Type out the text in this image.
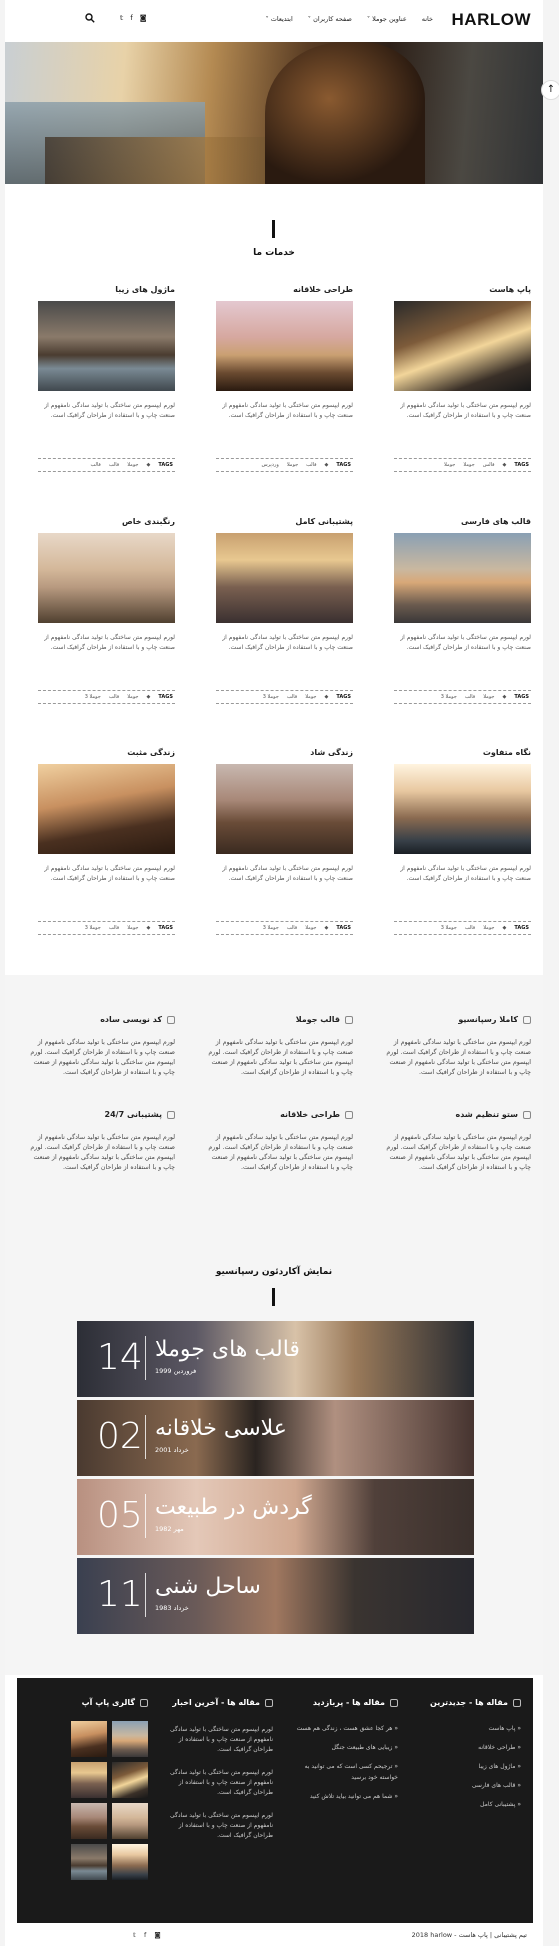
HARLOW
خانه
عناوین جوملا ˅
صفحه کاربران ˅
ابتدیعات ˅
𝕥 f ◙
خدمات ما
پاپ هاست
لورم ایپسوم متن ساختگی با تولید سادگی نامفهوم از صنعت چاپ و با استفاده از طراحان گرافیک است.
جوملا جوملا فالس ◆ TAGS
طراحی خلاقانه
لورم ایپسوم متن ساختگی با تولید سادگی نامفهوم از صنعت چاپ و با استفاده از طراحان گرافیک است.
وردپرس جوملا فالب ◆ TAGS
ماژول های زیبا
لورم ایپسوم متن ساختگی با تولید سادگی نامفهوم از صنعت چاپ و با استفاده از طراحان گرافیک است.
فالب فالب جوملا ◆ TAGS
قالب های فارسی
لورم ایپسوم متن ساختگی با تولید سادگی نامفهوم از صنعت چاپ و با استفاده از طراحان گرافیک است.
جوملا 3 فالب جوملا ◆ TAGS
پشتیبانی کامل
لورم ایپسوم متن ساختگی با تولید سادگی نامفهوم از صنعت چاپ و با استفاده از طراحان گرافیک است.
جوملا 3 فالب جوملا ◆ TAGS
رنگبندی خاص
لورم ایپسوم متن ساختگی با تولید سادگی نامفهوم از صنعت چاپ و با استفاده از طراحان گرافیک است.
جوملا 3 فالب جوملا ◆ TAGS
نگاه متفاوت
لورم ایپسوم متن ساختگی با تولید سادگی نامفهوم از صنعت چاپ و با استفاده از طراحان گرافیک است.
جوملا 3 فالب جوملا ◆ TAGS
زندگی شاد
لورم ایپسوم متن ساختگی با تولید سادگی نامفهوم از صنعت چاپ و با استفاده از طراحان گرافیک است.
جوملا 3 فالب جوملا ◆ TAGS
زندگی مثبت
لورم ایپسوم متن ساختگی با تولید سادگی نامفهوم از صنعت چاپ و با استفاده از طراحان گرافیک است.
جوملا 3 فالب جوملا ◆ TAGS
کاملا رسپانسیو
لورم ایپسوم متن ساختگی با تولید سادگی نامفهوم از صنعت چاپ و با استفاده از طراحان گرافیک است. لورم ایپسوم متن ساختگی با تولید سادگی نامفهوم از صنعت چاپ و با استفاده از طراحان گرافیک است.
قالب جوملا
لورم ایپسوم متن ساختگی با تولید سادگی نامفهوم از صنعت چاپ و با استفاده از طراحان گرافیک است. لورم ایپسوم متن ساختگی با تولید سادگی نامفهوم از صنعت چاپ و با استفاده از طراحان گرافیک است.
کد نویسی ساده
لورم ایپسوم متن ساختگی با تولید سادگی نامفهوم از صنعت چاپ و با استفاده از طراحان گرافیک است. لورم ایپسوم متن ساختگی با تولید سادگی نامفهوم از صنعت چاپ و با استفاده از طراحان گرافیک است.
ستو تنظیم شده
لورم ایپسوم متن ساختگی با تولید سادگی نامفهوم از صنعت چاپ و با استفاده از طراحان گرافیک است. لورم ایپسوم متن ساختگی با تولید سادگی نامفهوم از صنعت چاپ و با استفاده از طراحان گرافیک است.
طراحی خلاقانه
لورم ایپسوم متن ساختگی با تولید سادگی نامفهوم از صنعت چاپ و با استفاده از طراحان گرافیک است. لورم ایپسوم متن ساختگی با تولید سادگی نامفهوم از صنعت چاپ و با استفاده از طراحان گرافیک است.
پشتیبانی 24/7
لورم ایپسوم متن ساختگی با تولید سادگی نامفهوم از صنعت چاپ و با استفاده از طراحان گرافیک است. لورم ایپسوم متن ساختگی با تولید سادگی نامفهوم از صنعت چاپ و با استفاده از طراحان گرافیک است.
نمایش آکاردئون رسپانسیو
14 قالب های جوملا
فروردین 1999
02 علاسی خلاقانه
خرداد 2001
05 گردش در طبیعت
مهر 1982
11 ساحل شنی
خرداد 1983
مقاله ها - جدیدترین
« پاپ هاست
« طراحی خلاقانه
« ماژول های زیبا
« قالب های فارسی
« پشتیبانی کامل
مقاله ها - پربازدید
« هر کجا عشق هست ، زندگی هم هست
« زیبایی های طبیعت جنگل
« ترجیحم کسی است که می توانید به خواسته خود برسید
« شما هم می توانید بیاید تلاش کنید
مقاله ها - آخرین اخبار

لورم ایپسوم متن ساختگی با تولید سادگی نامفهوم از صنعت چاپ و با استفاده از طراحان گرافیک است.

لورم ایپسوم متن ساختگی با تولید سادگی نامفهوم از صنعت چاپ و با استفاده از طراحان گرافیک است.

لورم ایپسوم متن ساختگی با تولید سادگی نامفهوم از صنعت چاپ و با استفاده از طراحان گرافیک است.

گالری پاپ آپ
2018 harlow - تیم پشتیبانی | پاپ هاست
𝕥 f ◙
↑
